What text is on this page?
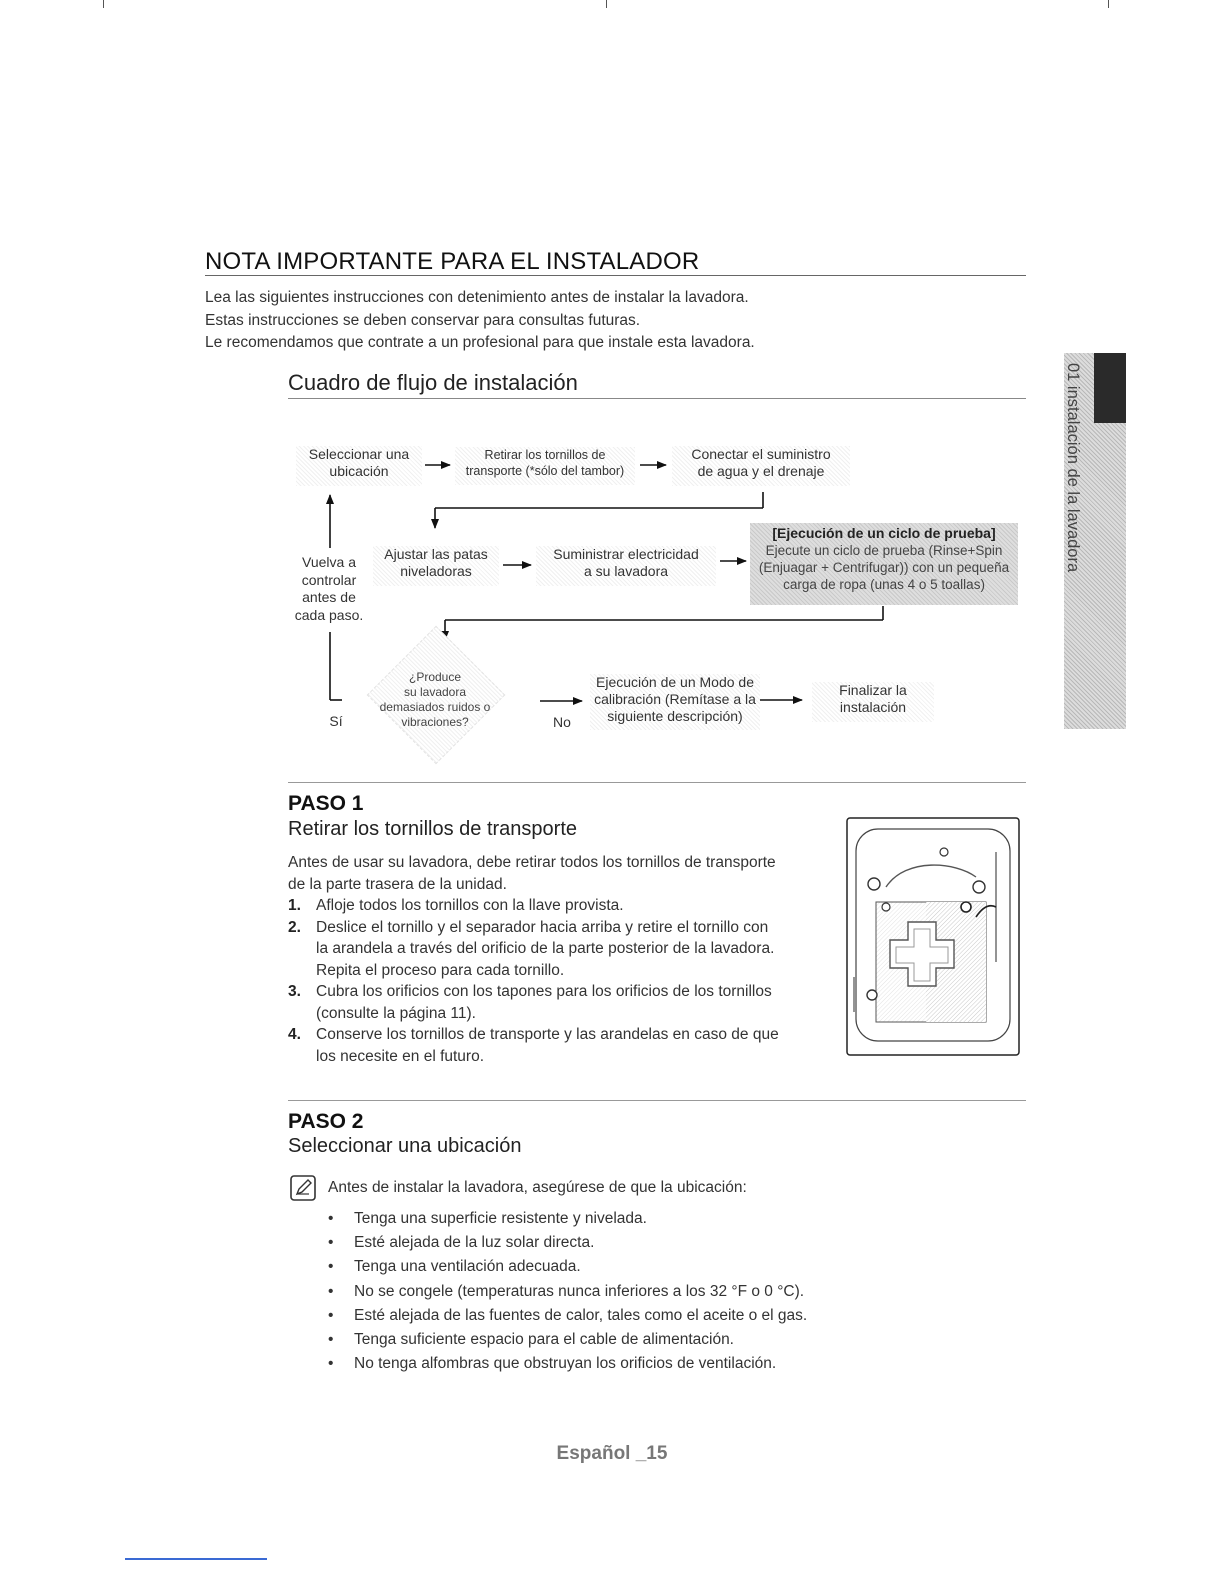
01 instalación de la lavadora
NOTA IMPORTANTE PARA EL INSTALADOR
Lea las siguientes instrucciones con detenimiento antes de instalar la lavadora.
Estas instrucciones se deben conservar para consultas futuras.
Le recomendamos que contrate a un profesional para que instale esta lavadora.
Cuadro de flujo de instalación
Seleccionar una
ubicación
Retirar los tornillos de
transporte (*sólo del tambor)
Conectar el suministro
de agua y el drenaje
Ajustar las patas
niveladoras
Suministrar electricidad
a su lavadora
[Ejecución de un ciclo de prueba]
Ejecute un ciclo de prueba (Rinse+Spin
(Enjuagar + Centrifugar)) con un pequeña
carga de ropa (unas 4 o 5 toallas)
Vuelva a
controlar
antes de
cada paso.
¿Produce
su lavadora
demasiados ruidos o
vibraciones?
Sí	No
Ejecución de un Modo de
calibración (Remítase a la
siguiente descripción)
Finalizar la
instalación
PASO 1
Retirar los tornillos de transporte
Antes de usar su lavadora, debe retirar todos los tornillos de transporte
de la parte trasera de la unidad.
1. Afloje todos los tornillos con la llave provista.
2. Deslice el tornillo y el separador hacia arriba y retire el tornillo con
la arandela a través del orificio de la parte posterior de la lavadora.
Repita el proceso para cada tornillo.
3. Cubra los orificios con los tapones para los orificios de los tornillos
(consulte la página 11).
4. Conserve los tornillos de transporte y las arandelas en caso de que
los necesite en el futuro.
PASO 2
Seleccionar una ubicación
Antes de instalar la lavadora, asegúrese de que la ubicación:
• Tenga una superficie resistente y nivelada.
• Esté alejada de la luz solar directa.
• Tenga una ventilación adecuada.
• No se congele (temperaturas nunca inferiores a los 32 °F o 0 °C).
• Esté alejada de las fuentes de calor, tales como el aceite o el gas.
• Tenga suficiente espacio para el cable de alimentación.
• No tenga alfombras que obstruyan los orificios de ventilación.
Español _15
